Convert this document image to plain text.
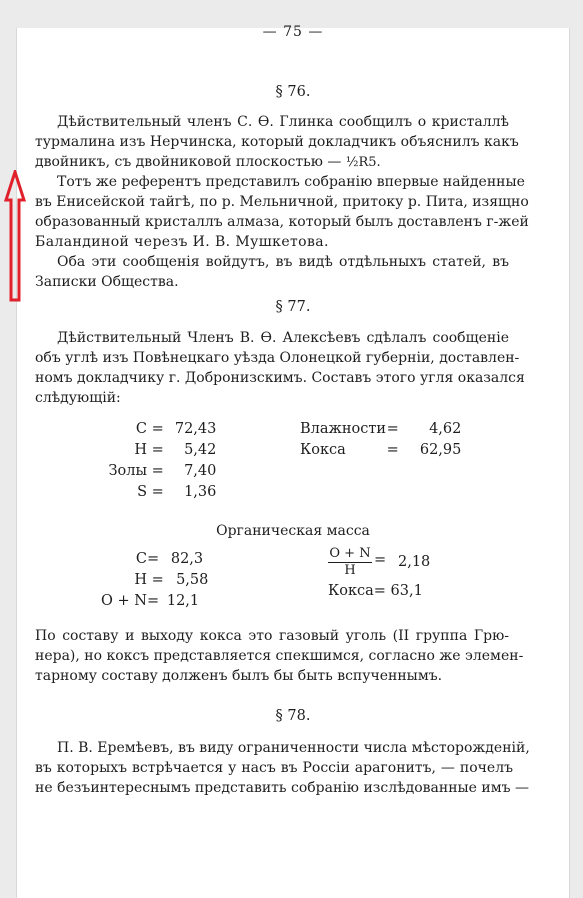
— 75 —
§ 76.
Дѣйствительный членъ С. Ѳ. Глинка сообщилъ о кристаллѣ
турмалина изъ Нерчинска, который докладчикъ объяснилъ какъ
двойникъ, съ двойниковой плоскостью — ½R5.
Тотъ же референтъ представилъ собранію впервые найденные
въ Енисейской тайгѣ, по р. Мельничной, притоку р. Пита, изящно
образованный кристаллъ алмаза, который былъ доставленъ г-жей
Баландиной черезъ И. В. Мушкетова.
Оба эти сообщенія войдутъ, въ видѣ отдѣльныхъ статей, въ
Записки Общества.
§ 77.
Дѣйствительный Членъ В. Ѳ. Алексѣевъ сдѣлалъ сообщеніе
объ углѣ изъ Повѣнецкаго уѣзда Олонецкой губерніи, доставлен-
номъ докладчику г. Добронизскимъ. Составъ этого угля оказался
слѣдующій:
C = 72,43
H = 5,42
Золы = 7,40
S = 1,36
Влажности = 4,62
Кокса = 62,95
Органическая масса
C= 82,3
H = 5,58
O + N= 12,1
$\frac{O + N}{H} = 2,18$
Кокса= 63,1
По составу и выходу кокса это газовый уголь (II группа Грю-
нера), но коксъ представляется спекшимся, согласно же элемен-
тарному составу долженъ былъ бы быть вспученнымъ.
§ 78.
П. В. Еремѣевъ, въ виду ограниченности числа мѣсторожденій,
въ которыхъ встрѣчается у насъ въ Россіи арагонитъ, — почелъ
не безъинтереснымъ представить собранію изслѣдованные имъ —
